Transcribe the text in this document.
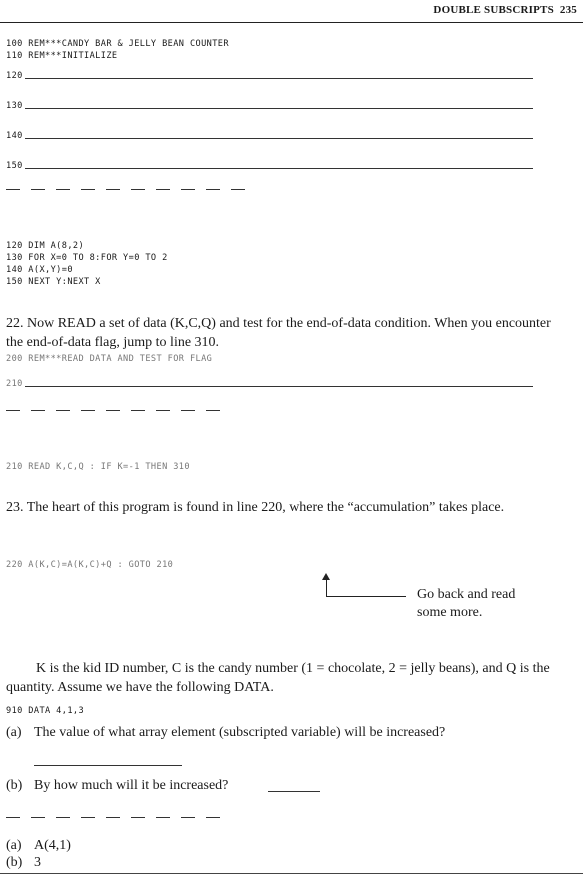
DOUBLE SUBSCRIPTS 235
100 REM***CANDY BAR & JELLY BEAN COUNTER
110 REM***INITIALIZE
120
130
140
150
120 DIM A(8,2)
130 FOR X=0 TO 8:FOR Y=0 TO 2
140 A(X,Y)=0
150 NEXT Y:NEXT X
22. Now READ a set of data (K,C,Q) and test for the end-of-data condition. When you encounter the end-of-data flag, jump to line 310.
200 REM***READ DATA AND TEST FOR FLAG
210
210 READ K,C,Q : IF K=-1 THEN 310
23. The heart of this program is found in line 220, where the “accumulation” takes place.
220 A(K,C)=A(K,C)+Q : GOTO 210
Go back and read some more.
K is the kid ID number, C is the candy number (1 = chocolate, 2 = jelly beans), and Q is the quantity. Assume we have the following DATA.
910 DATA 4,1,3
(a) The value of what array element (subscripted variable) will be increased?
(b) By how much will it be increased?
(a) A(4,1)
(b) 3
